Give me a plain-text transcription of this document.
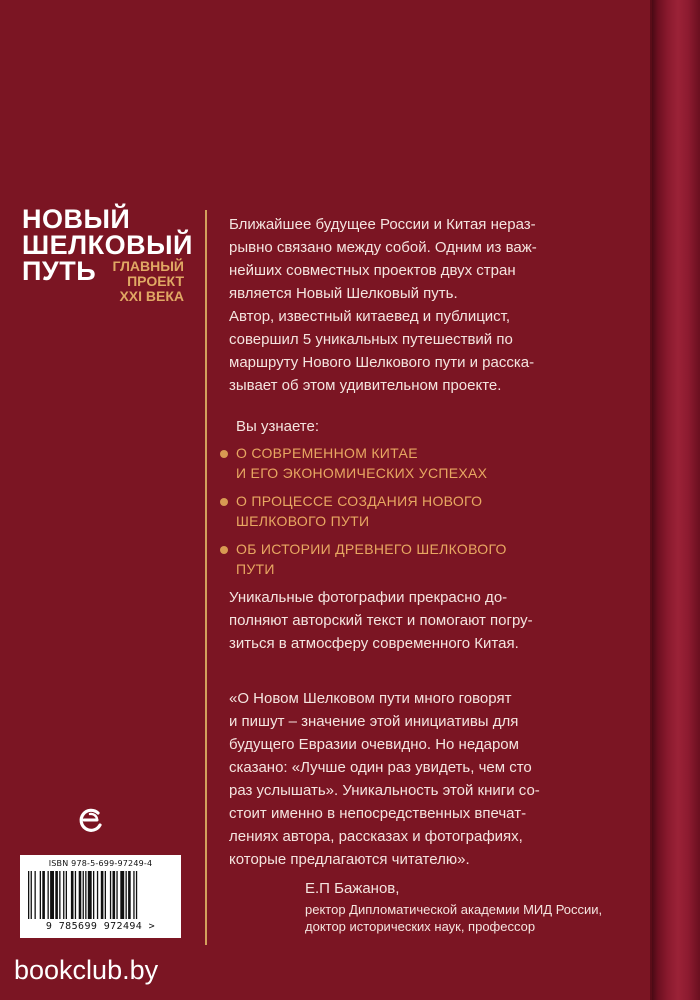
НОВЫЙ
ШЕЛКОВЫЙ
ПУТЬ	ГЛАВНЫЙ
ПРОЕКТ
XXI ВЕКА
Ближайшее будущее России и Китая нераз-
рывно связано между собой. Одним из важ-
нейших совместных проектов двух стран
является Новый Шелковый путь.
Автор, известный китаевед и публицист,
совершил 5 уникальных путешествий по
маршруту Нового Шелкового пути и расска-
зывает об этом удивительном проекте.
Вы узнаете:
О СОВРЕМЕННОМ КИТАЕ
И ЕГО ЭКОНОМИЧЕСКИХ УСПЕХАХ
О ПРОЦЕССЕ СОЗДАНИЯ НОВОГО
ШЕЛКОВОГО ПУТИ
ОБ ИСТОРИИ ДРЕВНЕГО ШЕЛКОВОГО
ПУТИ
Уникальные фотографии прекрасно до-
полняют авторский текст и помогают погру-
зиться в атмосферу современного Китая.
«О Новом Шелковом пути много говорят
и пишут – значение этой инициативы для
будущего Евразии очевидно. Но недаром
сказано: «Лучше один раз увидеть, чем сто
раз услышать». Уникальность этой книги со-
стоит именно в непосредственных впечат-
лениях автора, рассказах и фотографиях,
которые предлагаются читателю».
Е.П Бажанов,
ректор Дипломатической академии МИД России,
доктор исторических наук, профессор
ISBN 978-5-699-97249-4
9 785699 972494 >
bookclub.by
